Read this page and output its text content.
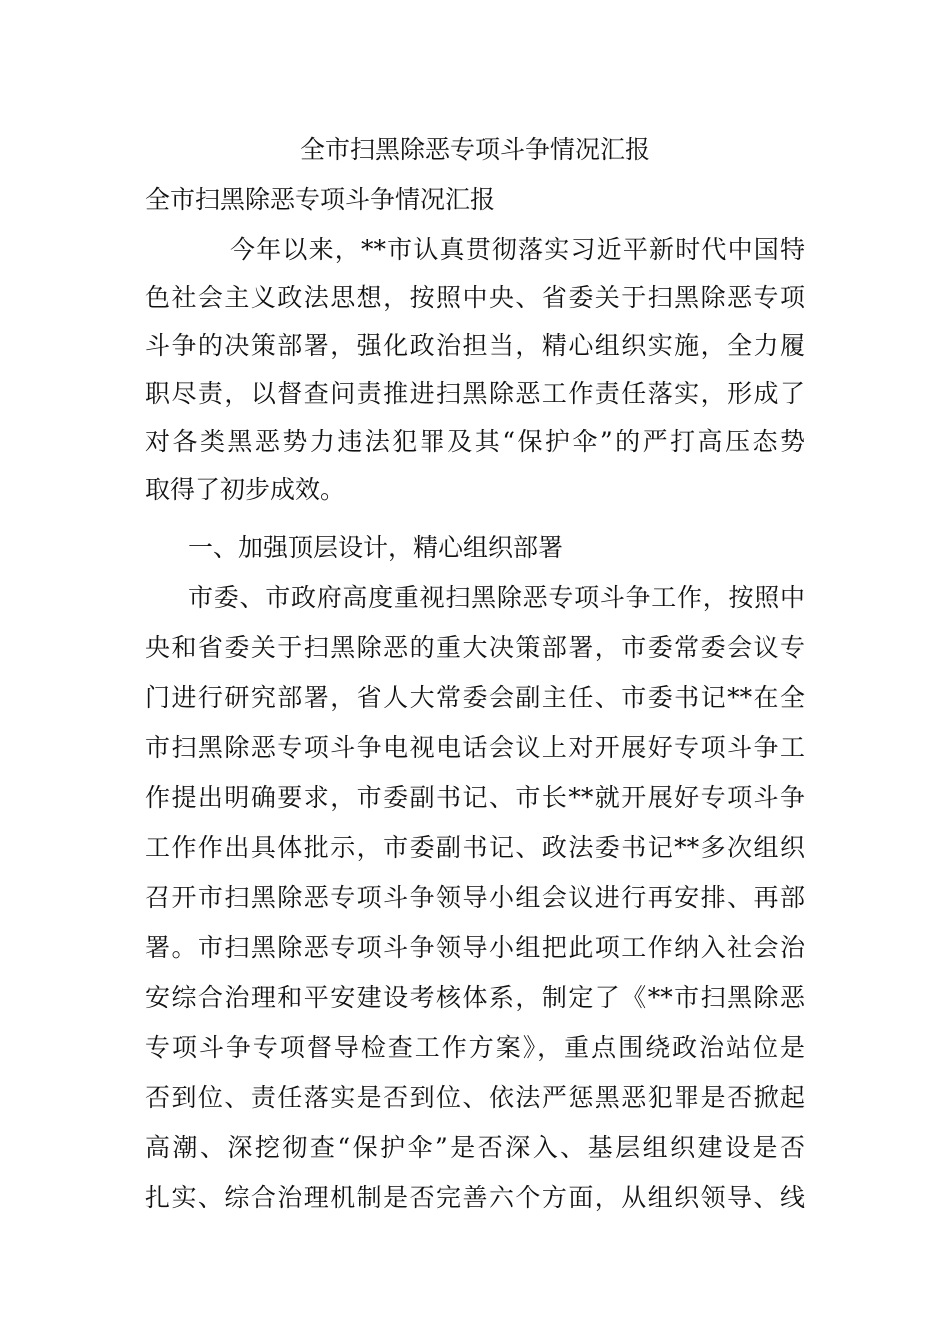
全市扫黑除恶专项斗争情况汇报
全市扫黑除恶专项斗争情况汇报
今年以来，**市认真贯彻落实习近平新时代中国特
色社会主义政法思想，按照中央、省委关于扫黑除恶专项
斗争的决策部署，强化政治担当，精心组织实施，全力履
职尽责，以督查问责推进扫黑除恶工作责任落实，形成了
对各类黑恶势力违法犯罪及其“保护伞”的严打高压态势
取得了初步成效。
一、加强顶层设计，精心组织部署
市委、市政府高度重视扫黑除恶专项斗争工作，按照中
央和省委关于扫黑除恶的重大决策部署，市委常委会议专
门进行研究部署，省人大常委会副主任、市委书记**在全
市扫黑除恶专项斗争电视电话会议上对开展好专项斗争工
作提出明确要求，市委副书记、市长**就开展好专项斗争
工作作出具体批示，市委副书记、政法委书记**多次组织
召开市扫黑除恶专项斗争领导小组会议进行再安排、再部
署。市扫黑除恶专项斗争领导小组把此项工作纳入社会治
安综合治理和平安建设考核体系，制定了《**市扫黑除恶
专项斗争专项督导检查工作方案》，重点围绕政治站位是
否到位、责任落实是否到位、依法严惩黑恶犯罪是否掀起
高潮、深挖彻查“保护伞”是否深入、基层组织建设是否
扎实、综合治理机制是否完善六个方面，从组织领导、线
